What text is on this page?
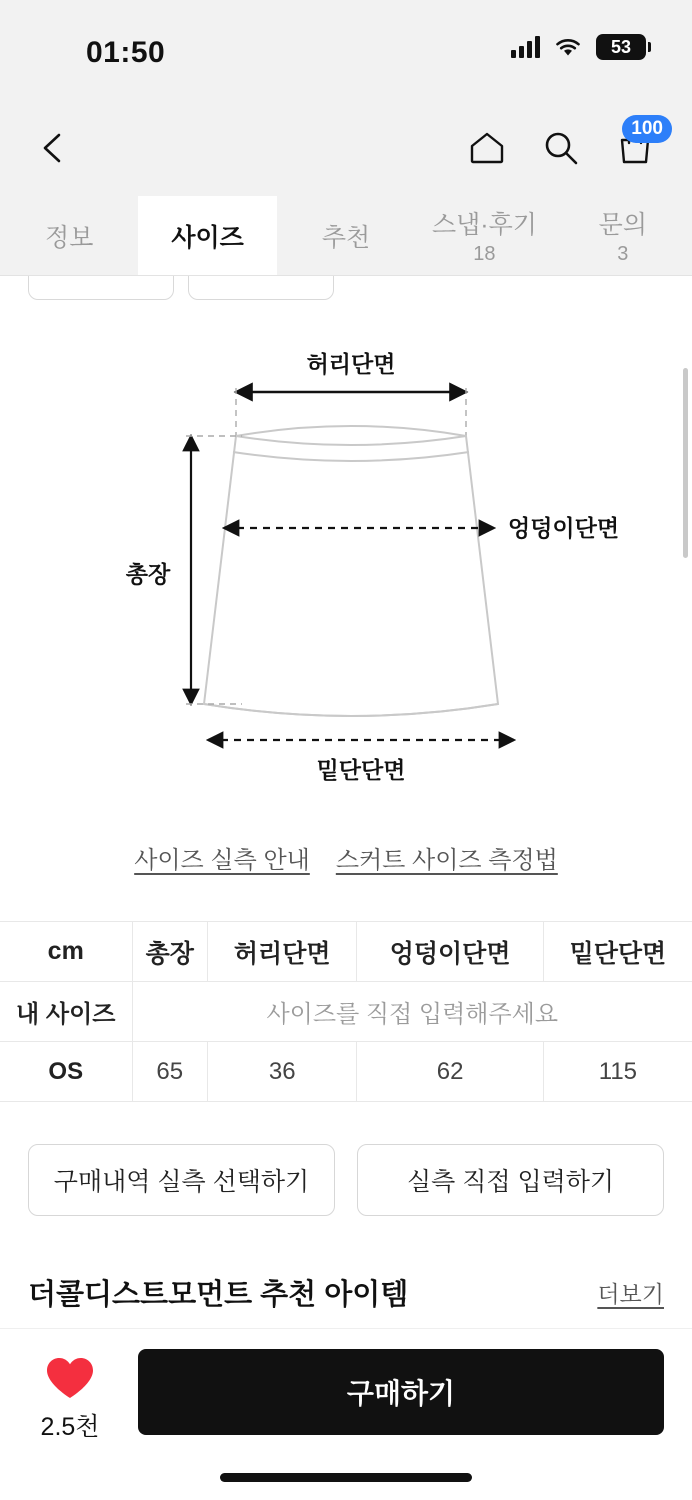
01:50	53
100
정보	사이즈	추천 스냅·후기
18
문의
3
허리단면
엉덩이단면
총장
밑단단면
사이즈 실측 안내 스커트 사이즈 측정법
cm	총장	허리단면	엉덩이단면	밑단단면
내 사이즈	사이즈를 직접 입력해주세요			
OS	65	36	62	115
구매내역 실측 선택하기	실측 직접 입력하기
더콜디스트모먼트 추천 아이템	더보기
2.5천
구매하기
